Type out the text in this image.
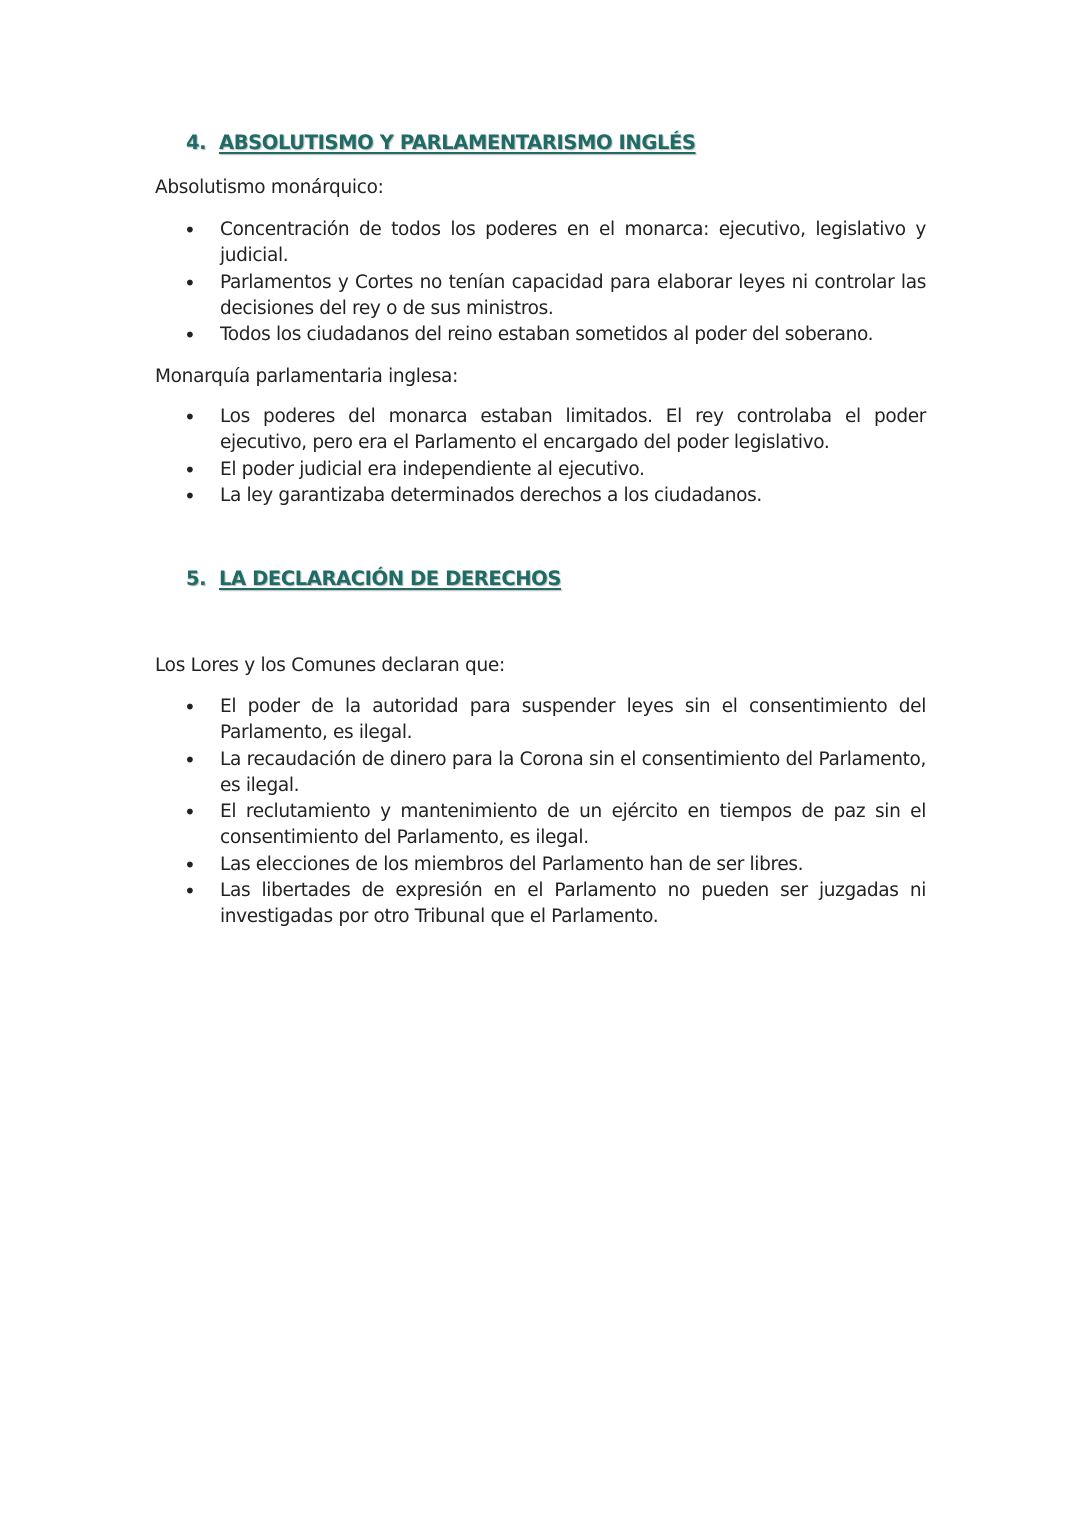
4. ABSOLUTISMO Y PARLAMENTARISMO INGLÉS

Absolutismo monárquico:

• Concentración de todos los poderes en el monarca: ejecutivo, legislativo y judicial.
• Parlamentos y Cortes no tenían capacidad para elaborar leyes ni controlar las decisiones del rey o de sus ministros.
• Todos los ciudadanos del reino estaban sometidos al poder del soberano.

Monarquía parlamentaria inglesa:

• Los poderes del monarca estaban limitados. El rey controlaba el poder ejecutivo, pero era el Parlamento el encargado del poder legislativo.
• El poder judicial era independiente al ejecutivo.
• La ley garantizaba determinados derechos a los ciudadanos.
5. LA DECLARACIÓN DE DERECHOS

Los Lores y los Comunes declaran que:

• El poder de la autoridad para suspender leyes sin el consentimiento del Parlamento, es ilegal.
• La recaudación de dinero para la Corona sin el consentimiento del Parlamento, es ilegal.
• El reclutamiento y mantenimiento de un ejército en tiempos de paz sin el consentimiento del Parlamento, es ilegal.
• Las elecciones de los miembros del Parlamento han de ser libres.
• Las libertades de expresión en el Parlamento no pueden ser juzgadas ni investigadas por otro Tribunal que el Parlamento.
